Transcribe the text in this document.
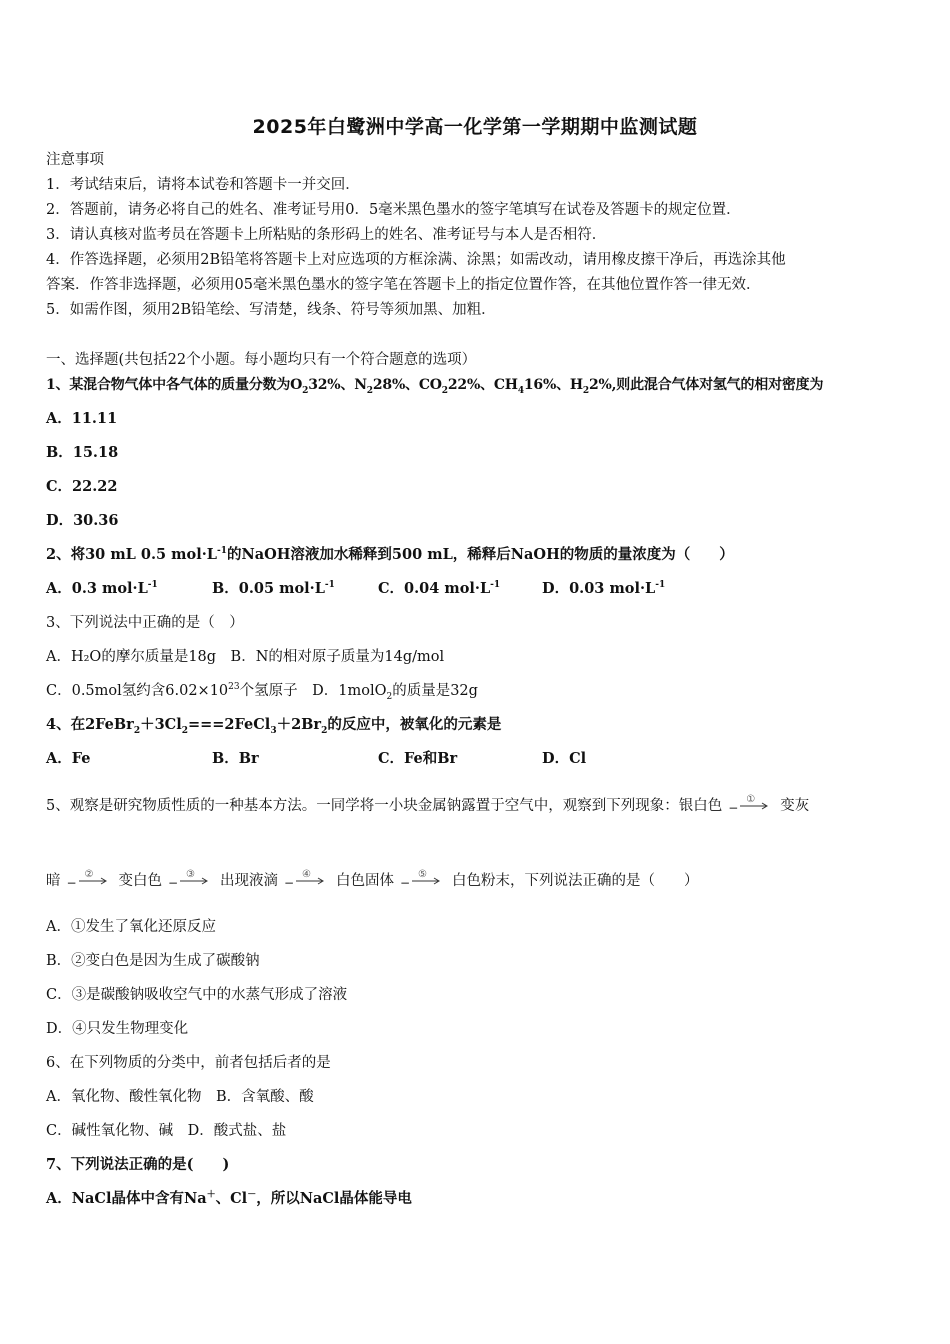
2025年白鹭洲中学高一化学第一学期期中监测试题
注意事项
1．考试结束后，请将本试卷和答题卡一并交回．
2．答题前，请务必将自己的姓名、准考证号用0．5毫米黑色墨水的签字笔填写在试卷及答题卡的规定位置．
3．请认真核对监考员在答题卡上所粘贴的条形码上的姓名、准考证号与本人是否相符．
4．作答选择题，必须用2B铅笔将答题卡上对应选项的方框涂满、涂黑；如需改动，请用橡皮擦干净后，再选涂其他
答案．作答非选择题，必须用05毫米黑色墨水的签字笔在答题卡上的指定位置作答，在其他位置作答一律无效．
5．如需作图，须用2B铅笔绘、写清楚，线条、符号等须加黑、加粗．
一、选择题(共包括22个小题。每小题均只有一个符合题意的选项）
1、某混合物气体中各气体的质量分数为$O_232\%$、$N_228\%$、$CO_222\%$、$CH_416\%$、$H_22\%$,则此混合气体对氢气的相对密度为
A．11.11
B．15.18
C．22.22
D．30.36
2、将30 mL 0.5 $mol\cdot L^{-1}$的NaOH溶液加水稀释到500 mL，稀释后NaOH的物质的量浓度为（　　）
A．0.3 $mol\cdot L^{-1}$	B．0.05 $mol\cdot L^{-1}$	C．0.04 $mol\cdot L^{-1}$	D．0.03 $mol\cdot L^{-1}$
3、下列说法中正确的是（　）
A．H₂O的摩尔质量是18g　B．N的相对原子质量为14g/mol
C．0.5mol氢约含$6.02\times 10^{23}$个氢原子　D．1molO$_2$的质量是32g
4、在$2FeBr_2+3Cl_2===2FeCl_3+2Br_2$的反应中，被氧化的元素是
A．Fe	B．Br	C．Fe和Br	D．Cl
5、观察是研究物质性质的一种基本方法。一同学将一小块金属钠露置于空气中，观察到下列现象：银白色 −
① 变灰
暗 −
② 变白色 −
③ 出现液滴 −
④ 白色固体 −
⑤ 白色粉末，下列说法正确的是（　　）
A．①发生了氧化还原反应
B．②变白色是因为生成了碳酸钠
C．③是碳酸钠吸收空气中的水蒸气形成了溶液
D．④只发生物理变化
6、在下列物质的分类中，前者包括后者的是
A．氧化物、酸性氧化物　B．含氧酸、酸
C．碱性氧化物、碱　D．酸式盐、盐
7、下列说法正确的是(　　)
A．NaCl晶体中含有Na＋、Cl－，所以NaCl晶体能导电
